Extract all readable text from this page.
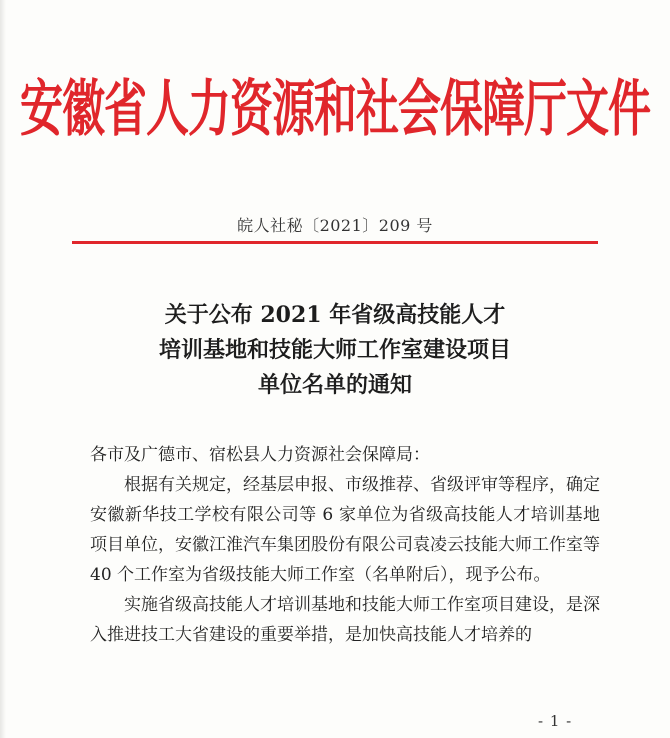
安徽省人力资源和社会保障厅文件
皖人社秘〔2021〕209 号
关于公布 2021 年省级高技能人才
培训基地和技能大师工作室建设项目
单位名单的通知

各市及广德市、宿松县人力资源社会保障局：

根据有关规定，经基层申报、市级推荐、省级评审等程序，确定安徽新华技工学校有限公司等 6 家单位为省级高技能人才培训基地项目单位，安徽江淮汽车集团股份有限公司袁凌云技能大师工作室等 40 个工作室为省级技能大师工作室（名单附后），现予公布。

实施省级高技能人才培训基地和技能大师工作室项目建设，是深入推进技工大省建设的重要举措，是加快高技能人才培养的

- 1 -
